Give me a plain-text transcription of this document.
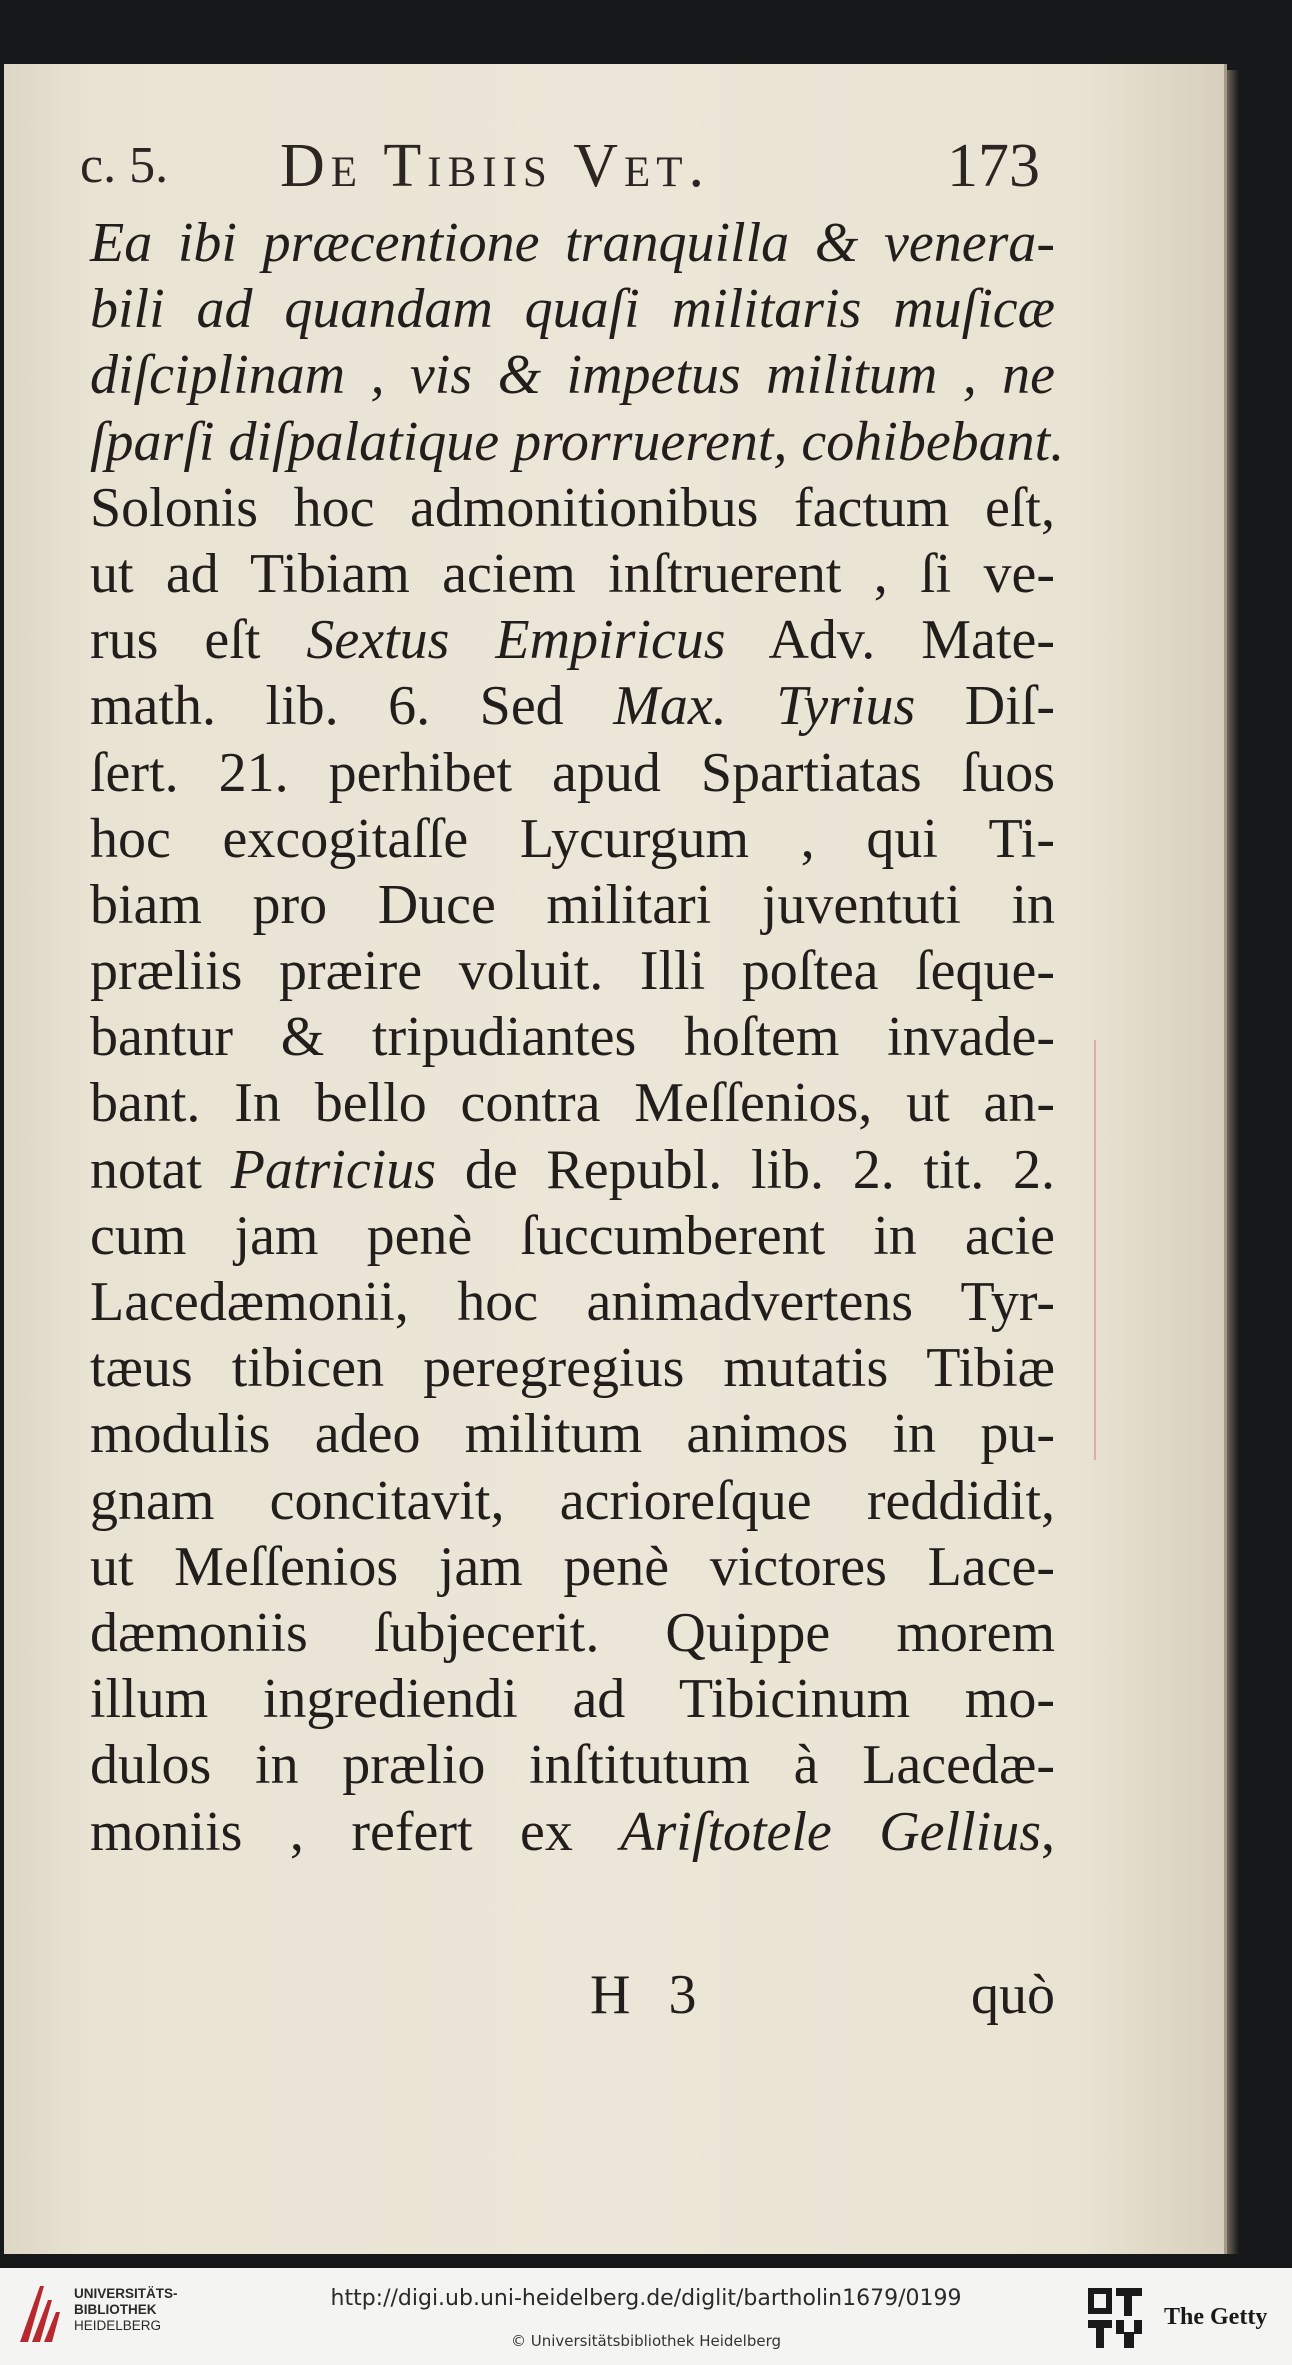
c. 5. De Tibiis Vet.	173
Ea ibi præcentione tranquilla & venera-
bili ad quandam quaſi militaris muſicæ
diſciplinam , vis & impetus militum , ne
ſparſi diſpalatique prorruerent, cohibebant.
Solonis hoc admonitionibus factum eſt,
ut ad Tibiam aciem inſtruerent , ſi ve-
rus eſt Sextus Empiricus Adv. Mate-
math. lib. 6. Sed Max. Tyrius Diſ-
ſert. 21. perhibet apud Spartiatas ſuos
hoc excogitaſſe Lycurgum , qui Ti-
biam pro Duce militari juventuti in
præliis præire voluit. Illi poſtea ſeque-
bantur & tripudiantes hoſtem invade-
bant. In bello contra Meſſenios, ut an-
notat Patricius de Republ. lib. 2. tit. 2.
cum jam penè ſuccumberent in acie
Lacedæmonii, hoc animadvertens Tyr-
tæus tibicen peregregius mutatis Tibiæ
modulis adeo militum animos in pu-
gnam concitavit, acrioreſque reddidit,
ut Meſſenios jam penè victores Lace-
dæmoniis ſubjecerit. Quippe morem
illum ingrediendi ad Tibicinum mo-
dulos in prælio inſtitutum à Lacedæ-
moniis , refert ex Ariſtotele Gellius,
H 3	quò
UNIVERSITÄTS-
BIBLIOTHEK
HEIDELBERG
http://digi.ub.uni-heidelberg.de/diglit/bartholin1679/0199
© Universitätsbibliothek Heidelberg
The Getty
